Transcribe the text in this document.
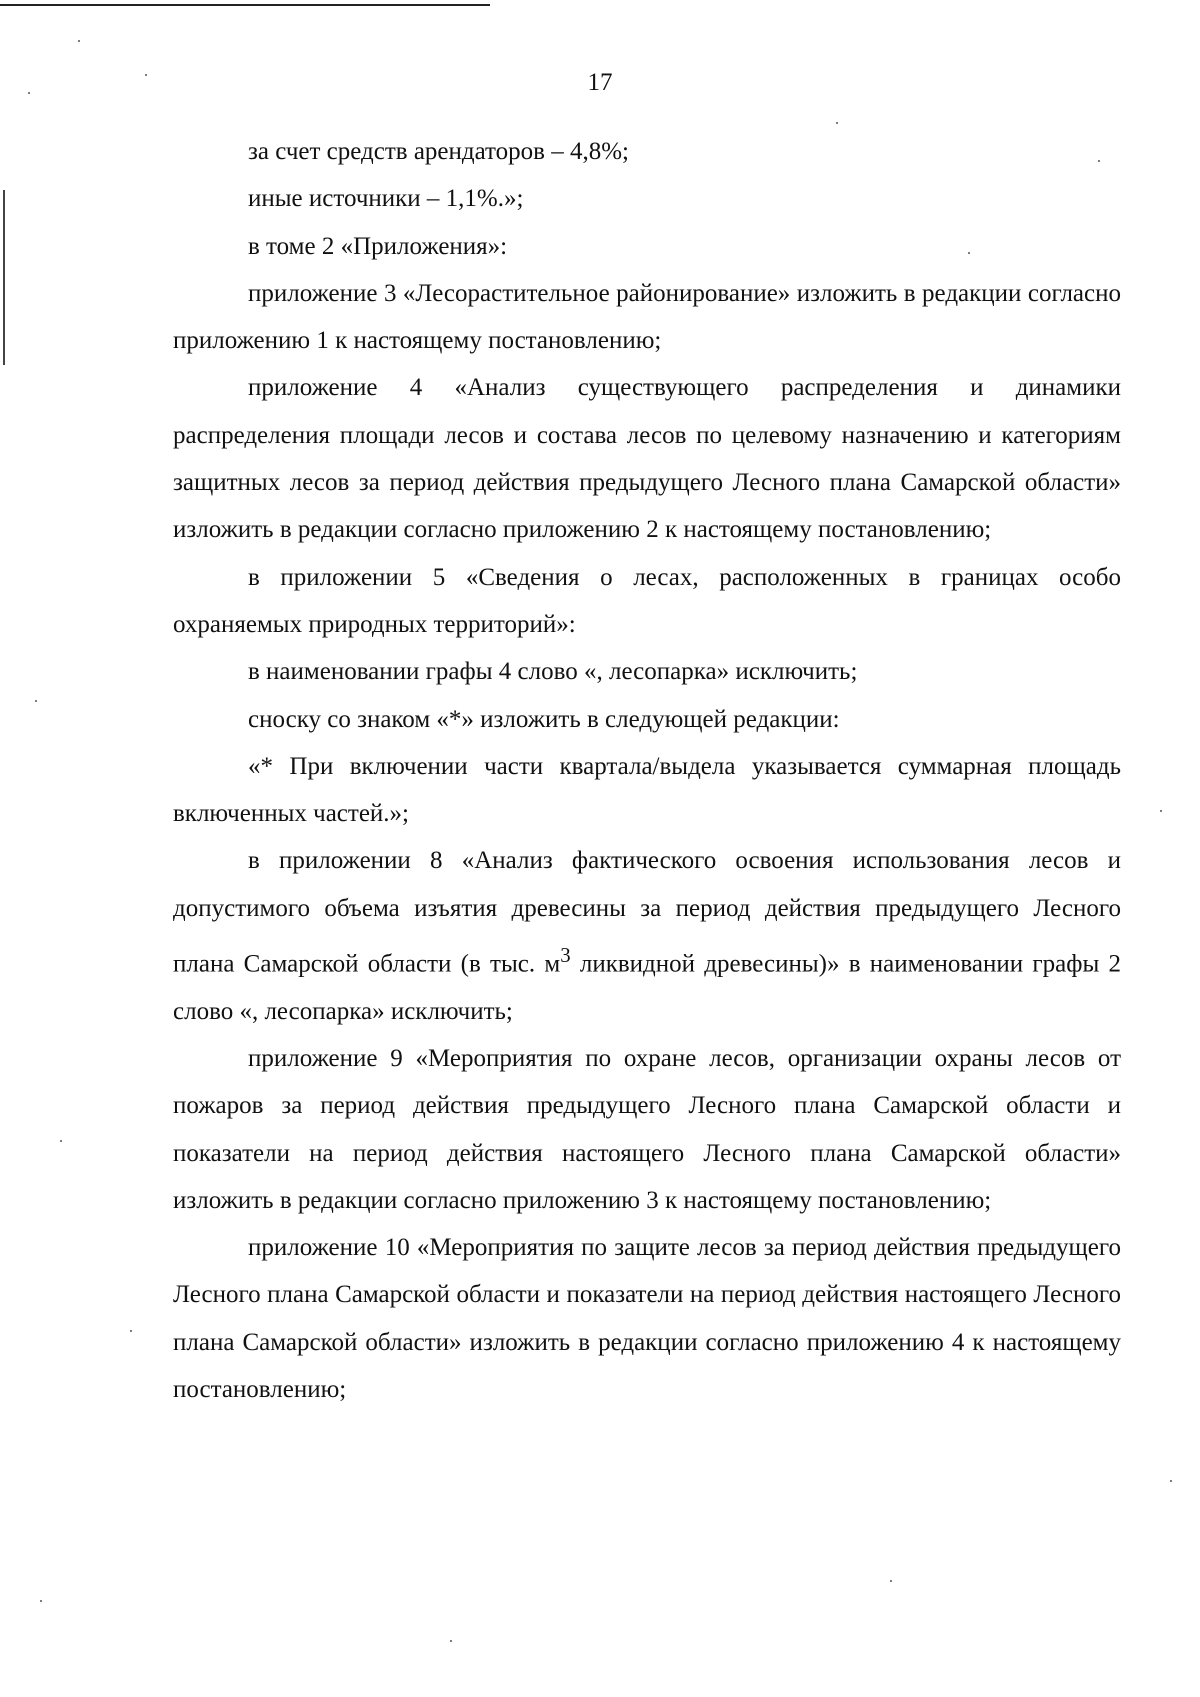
17

за счет средств арендаторов – 4,8%;

иные источники – 1,1%.»;

в томе 2 «Приложения»:

приложение 3 «Лесорастительное районирование» изложить в редакции согласно приложению 1 к настоящему постановлению;

приложение 4 «Анализ существующего распределения и динамики распределения площади лесов и состава лесов по целевому назначению и категориям защитных лесов за период действия предыдущего Лесного плана Самарской области» изложить в редакции согласно приложению 2 к настоящему постановлению;

в приложении 5 «Сведения о лесах, расположенных в границах особо охраняемых природных территорий»:

в наименовании графы 4 слово «, лесопарка» исключить;

сноску со знаком «*» изложить в следующей редакции:

«* При включении части квартала/выдела указывается суммарная площадь включенных частей.»;

в приложении 8 «Анализ фактического освоения использования лесов и допустимого объема изъятия древесины за период действия предыдущего Лесного плана Самарской области (в тыс. $м^3$ ликвидной древесины)» в наименовании графы 2 слово «, лесопарка» исключить;

приложение 9 «Мероприятия по охране лесов, организации охраны лесов от пожаров за период действия предыдущего Лесного плана Самарской области и показатели на период действия настоящего Лесного плана Самарской области» изложить в редакции согласно приложению 3 к настоящему постановлению;

приложение 10 «Мероприятия по защите лесов за период действия предыдущего Лесного плана Самарской области и показатели на период действия настоящего Лесного плана Самарской области» изложить в редакции согласно приложению 4 к настоящему постановлению;
